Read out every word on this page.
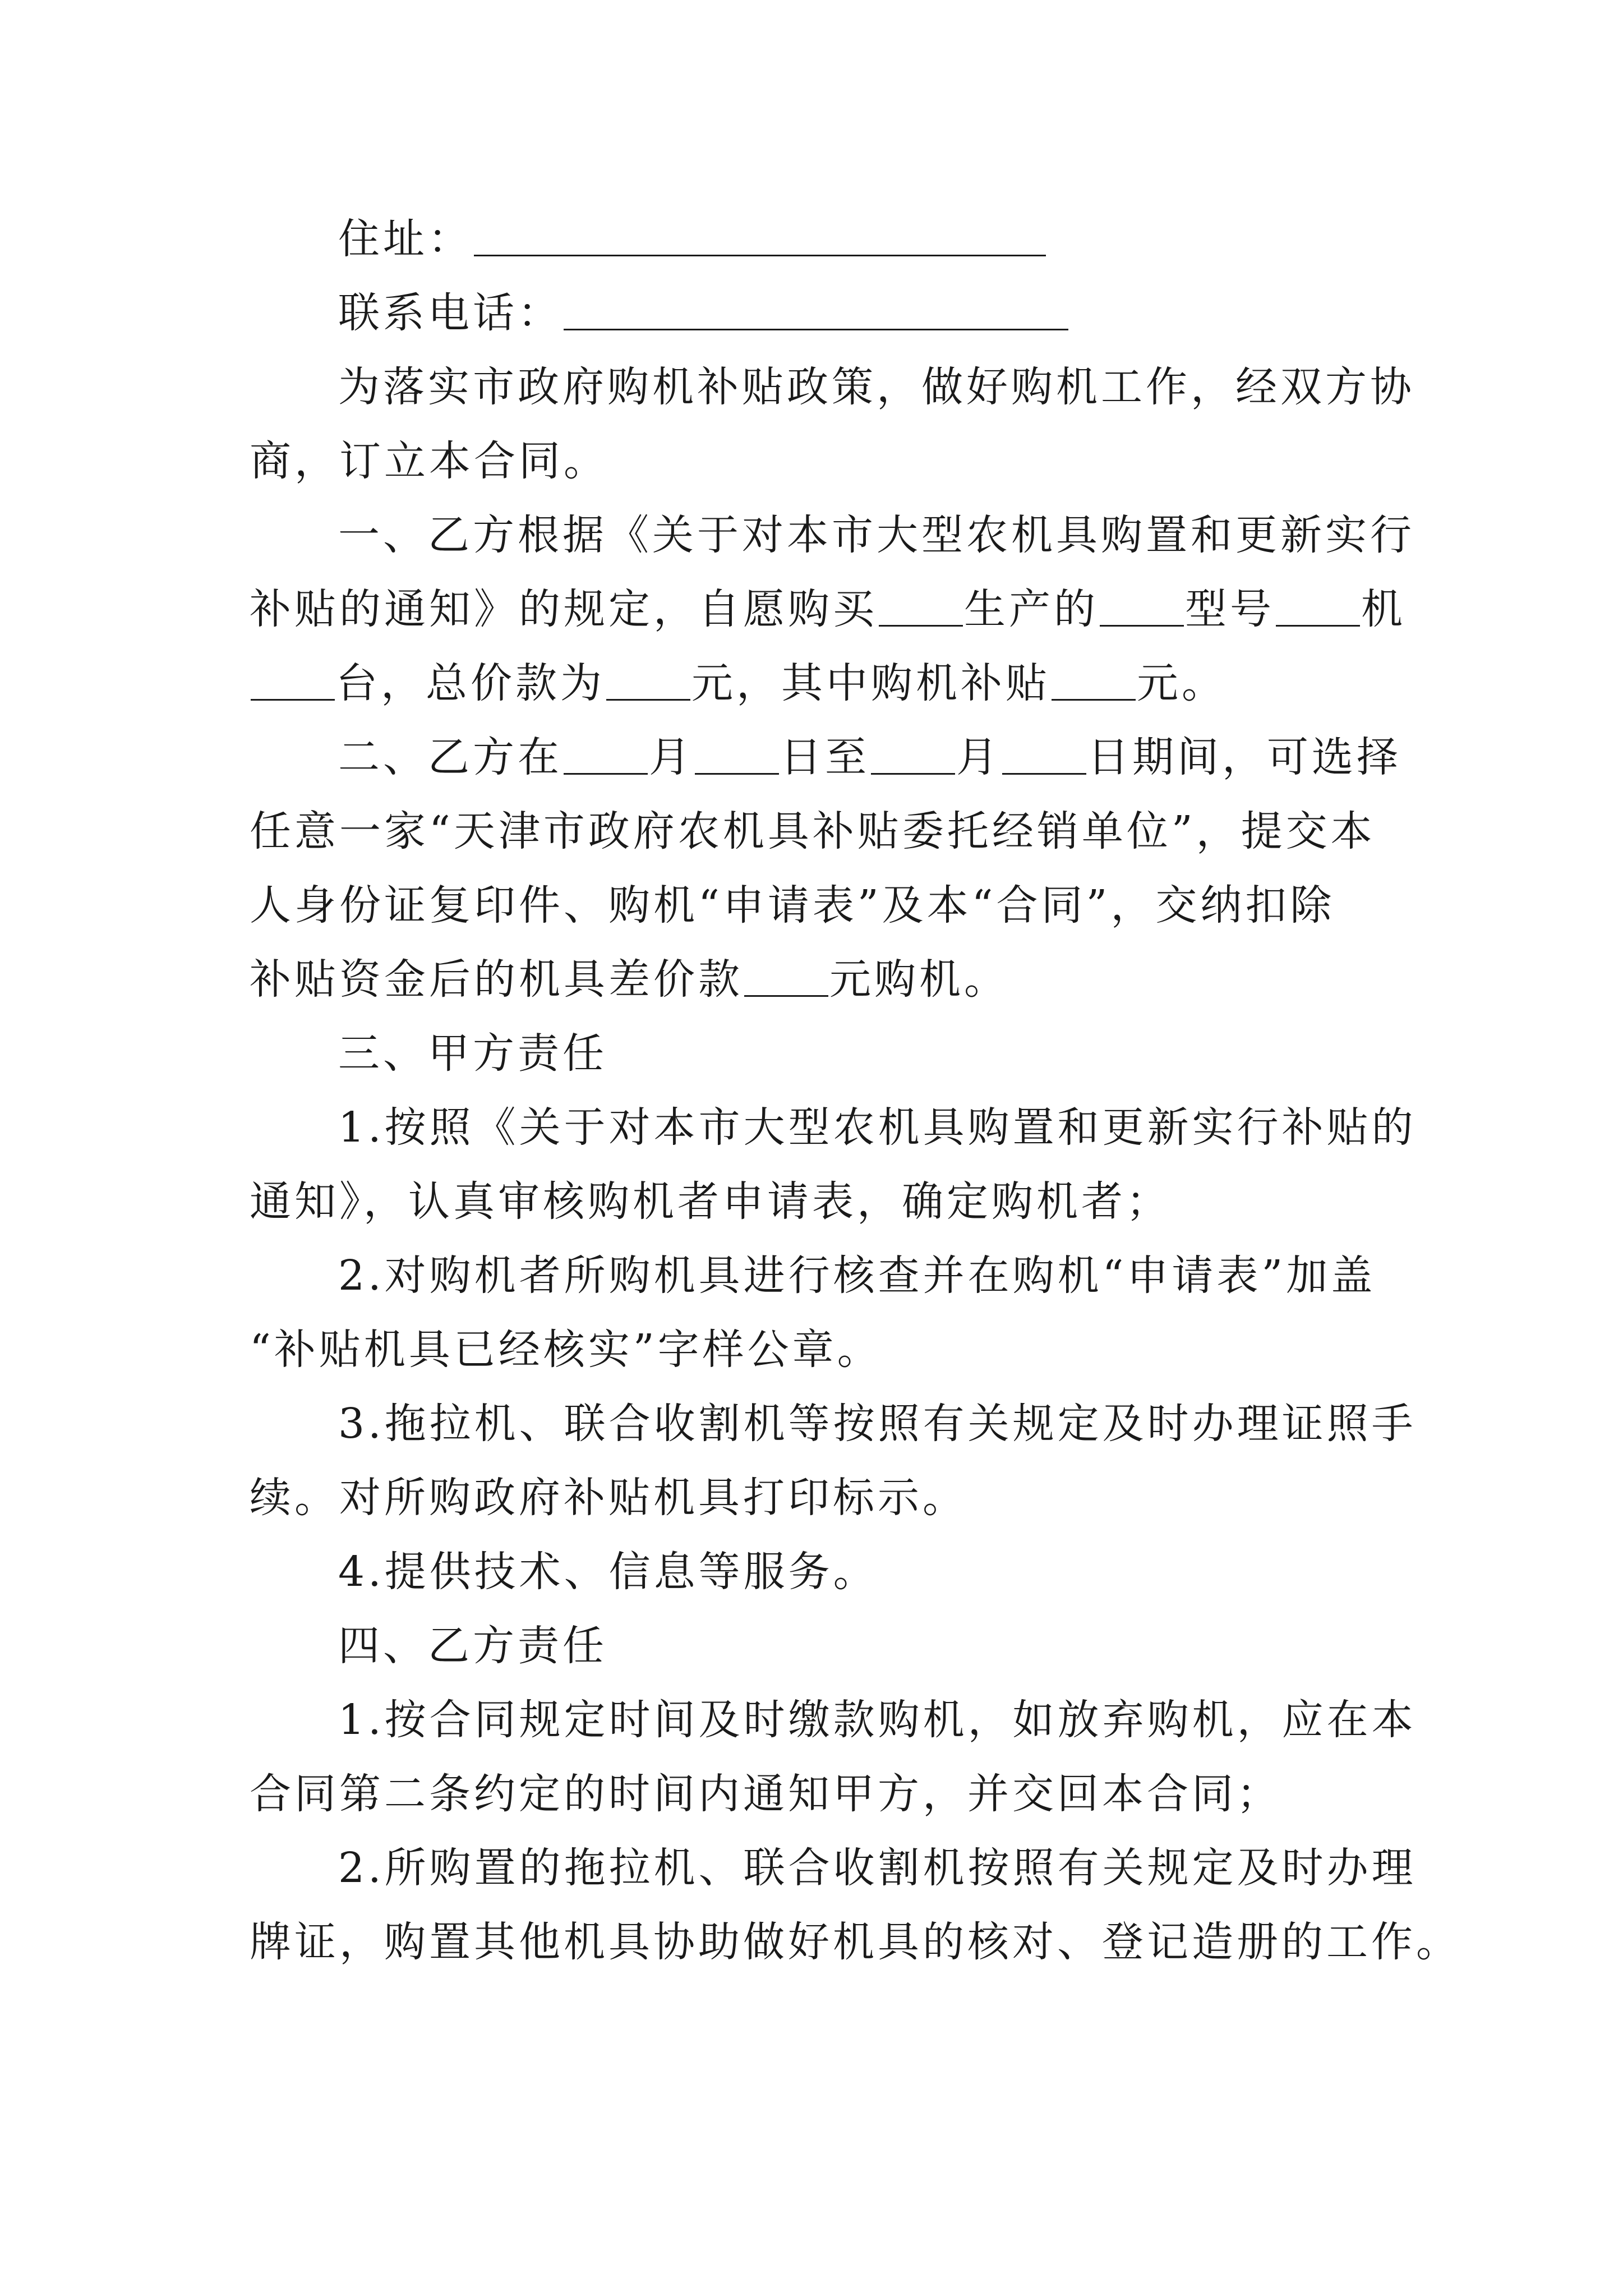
住址：
联系电话：
为落实市政府购机补贴政策，做好购机工作，经双方协
商，订立本合同。
一、乙方根据《关于对本市大型农机具购置和更新实行
补贴的通知》的规定，自愿购买 生产的 型号 机
台，总价款为 元，其中购机补贴 元。
二、乙方在 月 日至 月 日期间，可选择
任意一家“天津市政府农机具补贴委托经销单位”，提交本
人身份证复印件、购机“申请表”及本“合同”，交纳扣除
补贴资金后的机具差价款 元购机。
三、甲方责任
1.按照《关于对本市大型农机具购置和更新实行补贴的
通知》，认真审核购机者申请表，确定购机者；
2.对购机者所购机具进行核查并在购机“申请表”加盖
“补贴机具已经核实”字样公章。
3.拖拉机、联合收割机等按照有关规定及时办理证照手
续。对所购政府补贴机具打印标示。
4.提供技术、信息等服务。
四、乙方责任
1.按合同规定时间及时缴款购机，如放弃购机，应在本
合同第二条约定的时间内通知甲方，并交回本合同；
2.所购置的拖拉机、联合收割机按照有关规定及时办理
牌证，购置其他机具协助做好机具的核对、登记造册的工作。
